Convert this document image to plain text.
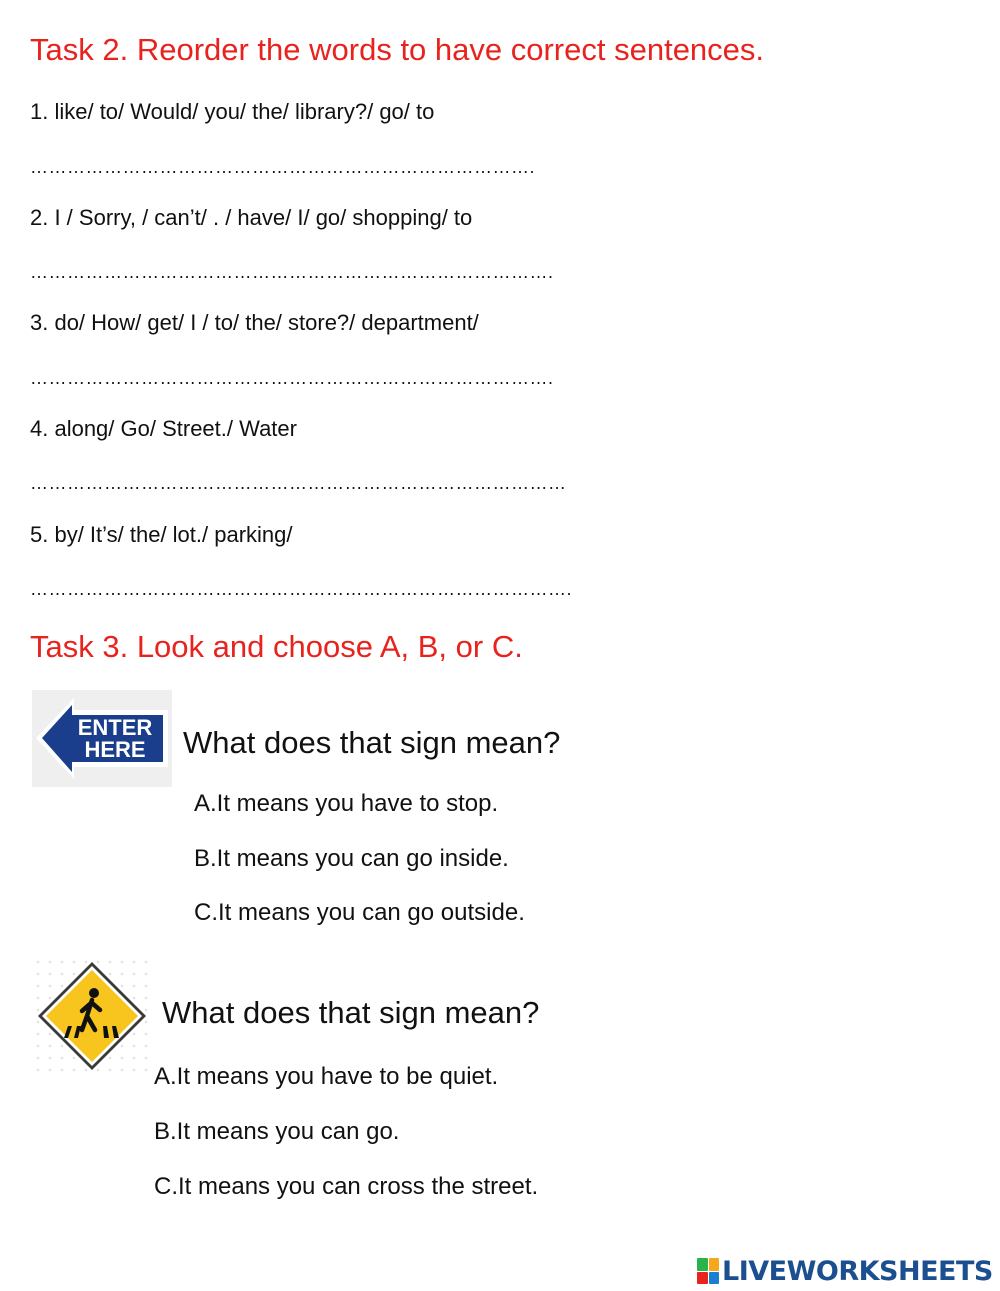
Task 2. Reorder the words to have correct sentences.
1. like/ to/ Would/ you/ the/ library?/ go/ to
……………………………………………………………………….
2. I / Sorry, / can’t/ . / have/ I/ go/ shopping/ to
………………………………………………………………………….
3. do/ How/ get/ I / to/ the/ store?/ department/
………………………………………………………………………….
4. along/ Go/ Street./ Water
……………………………………………………………………………
5. by/ It’s/ the/ lot./ parking/
…………………………………………………………………………….
Task 3. Look and choose A, B, or C.
ENTER
HERE What does that sign mean?
A.It means you have to stop.
B.It means you can go inside.
C.It means you can go outside.
What does that sign mean?
A.It means you have to be quiet.
B.It means you can go.
C.It means you can cross the street.
LIVEWORKSHEETS
